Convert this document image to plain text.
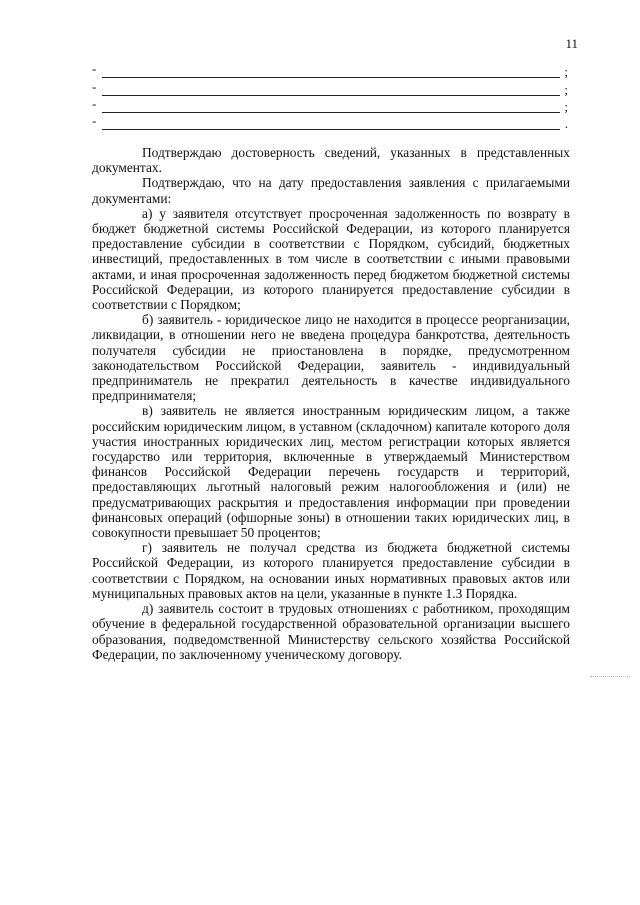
11
-	;
-	;
-	;
-	.

Подтверждаю достоверность сведений, указанных в представленных документах.

Подтверждаю, что на дату предоставления заявления с прилагаемыми документами:

а) у заявителя отсутствует просроченная задолженность по возврату в бюджет бюджетной системы Российской Федерации, из которого планируется предоставление субсидии в соответствии с Порядком, субсидий, бюджетных инвестиций, предоставленных в том числе в соответствии с иными правовыми актами, и иная просроченная задолженность перед бюджетом бюджетной системы Российской Федерации, из которого планируется предоставление субсидии в соответствии с Порядком;

б) заявитель - юридическое лицо не находится в процессе реорганизации, ликвидации, в отношении него не введена процедура банкротства, деятельность получателя субсидии не приостановлена в порядке, предусмотренном законодательством Российской Федерации, заявитель - индивидуальный предприниматель не прекратил деятельность в качестве индивидуального предпринимателя;

в) заявитель не является иностранным юридическим лицом, а также российским юридическим лицом, в уставном (складочном) капитале которого доля участия иностранных юридических лиц, местом регистрации которых является государство или территория, включенные в утверждаемый Министерством финансов Российской Федерации перечень государств и территорий, предоставляющих льготный налоговый режим налогообложения и (или) не предусматривающих раскрытия и предоставления информации при проведении финансовых операций (офшорные зоны) в отношении таких юридических лиц, в совокупности превышает 50 процентов;

г) заявитель не получал средства из бюджета бюджетной системы Российской Федерации, из которого планируется предоставление субсидии в соответствии с Порядком, на основании иных нормативных правовых актов или муниципальных правовых актов на цели, указанные в пункте 1.3 Порядка.

д) заявитель состоит в трудовых отношениях с работником, проходящим обучение в федеральной государственной образовательной организации высшего образования, подведомственной Министерству сельского хозяйства Российской Федерации, по заключенному ученическому договору.
